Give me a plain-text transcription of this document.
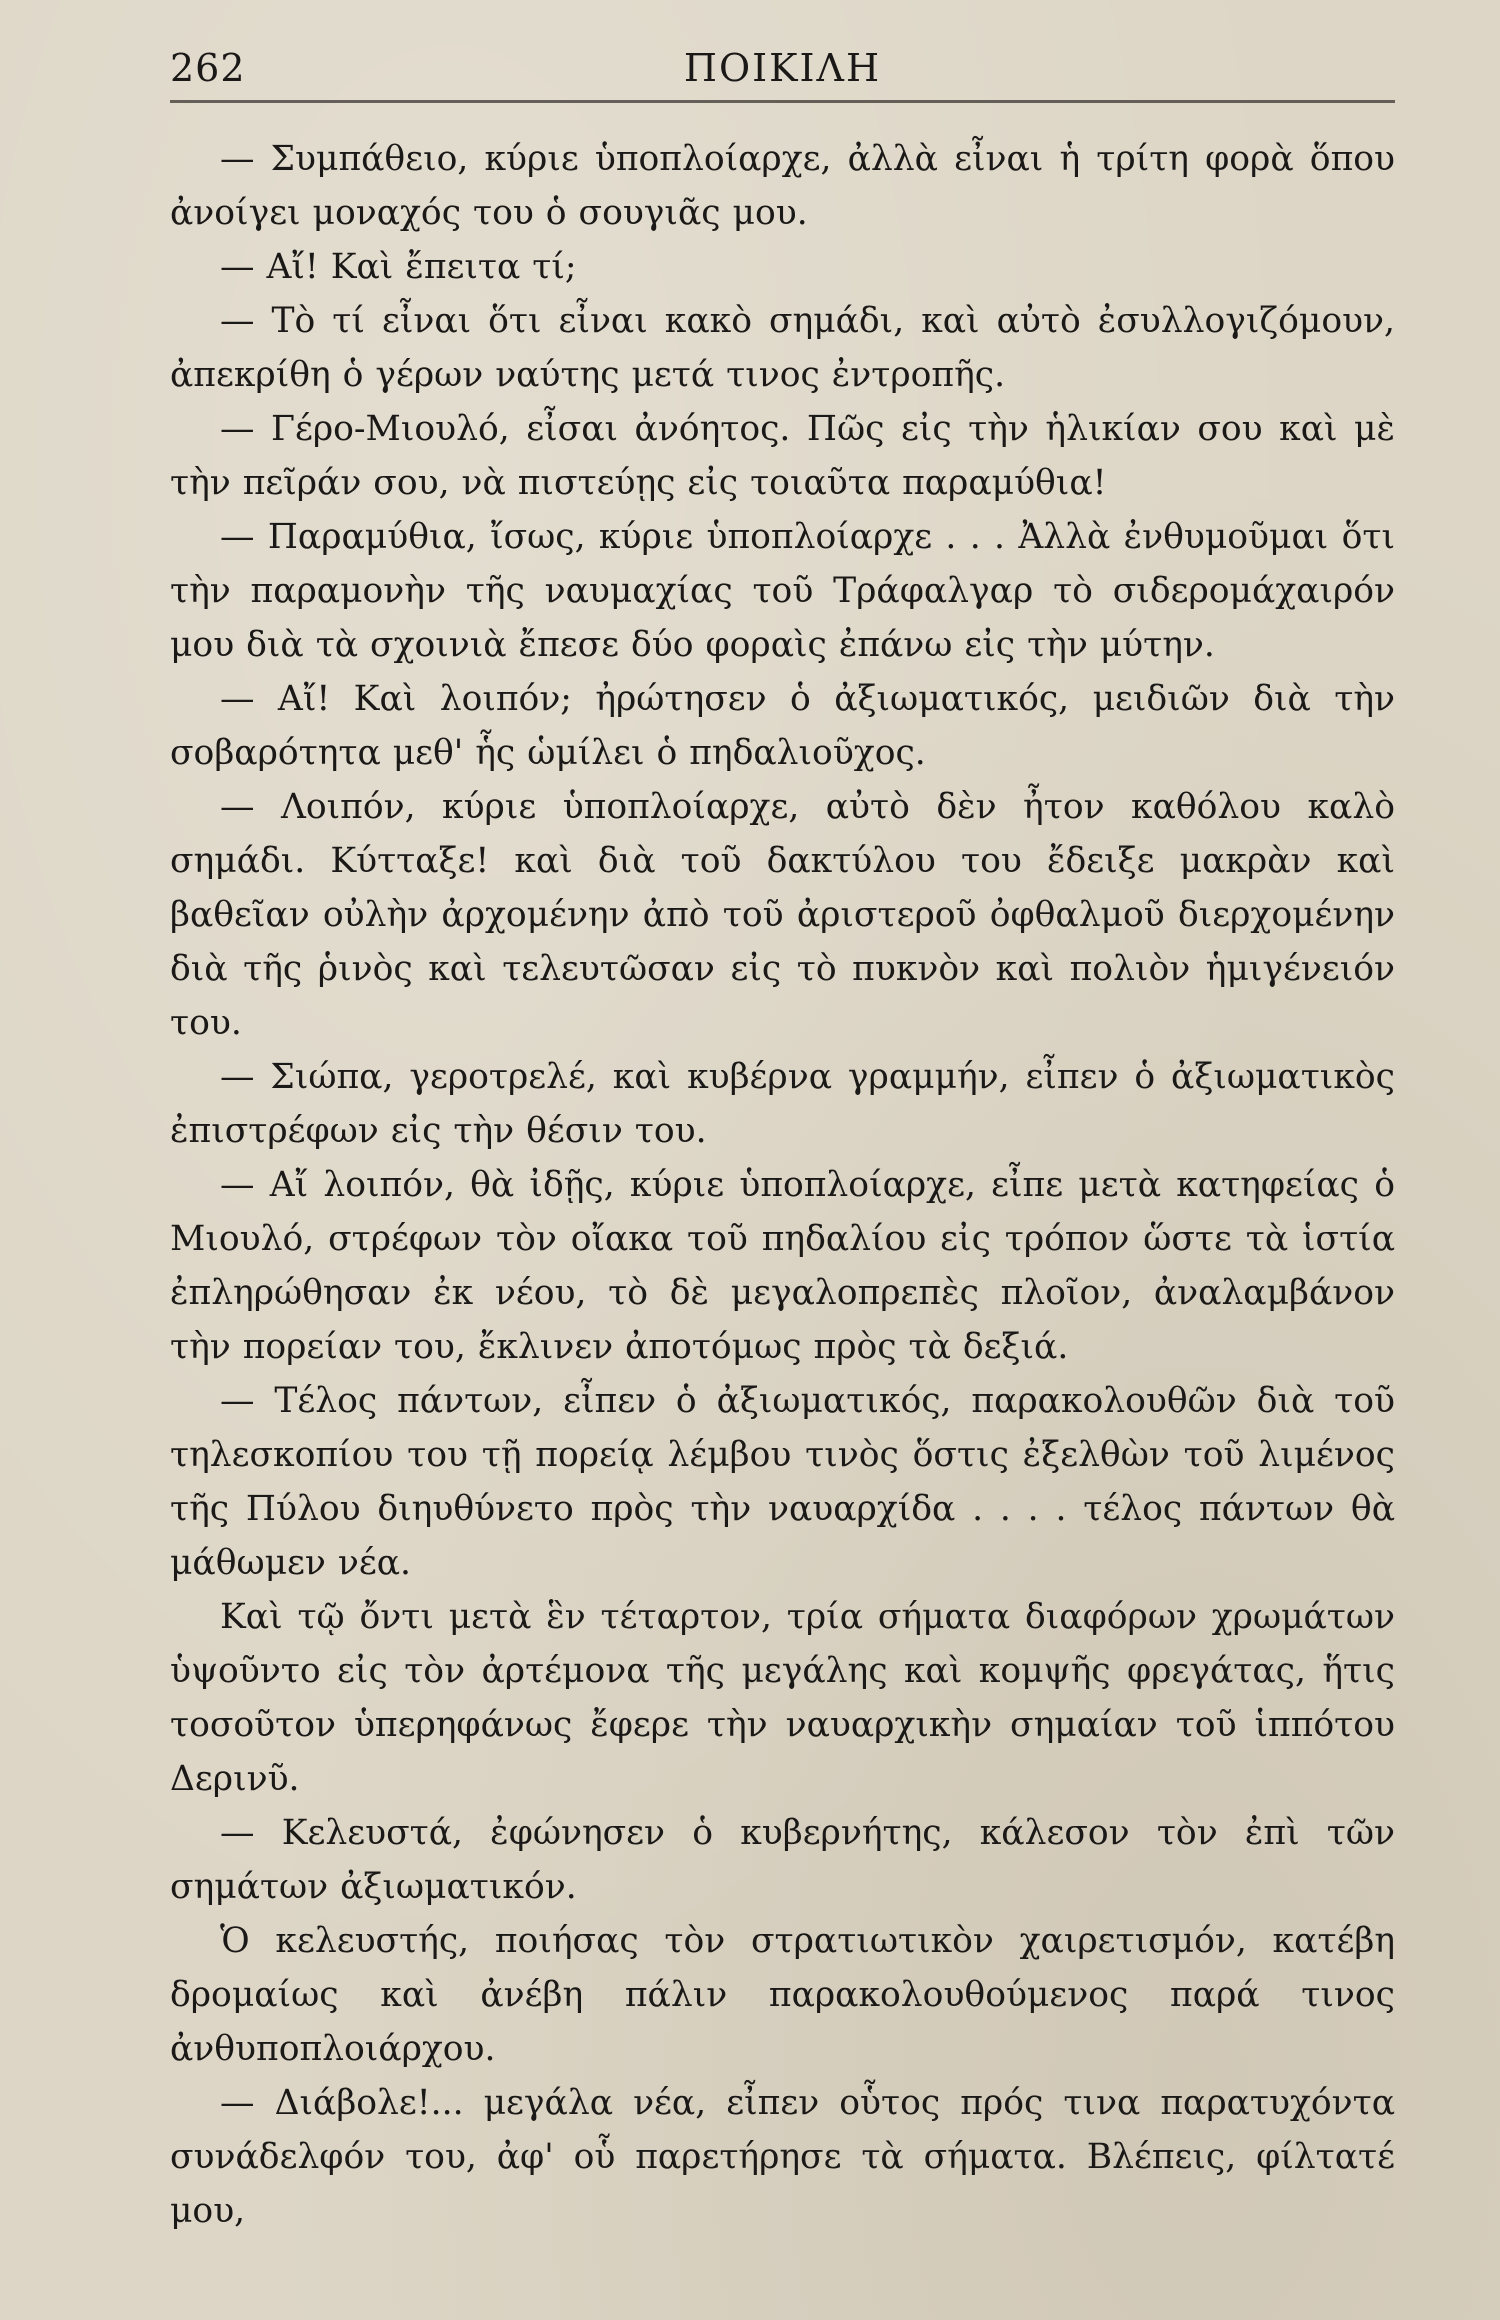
262	ΠΟΙΚΙΛΗ

— Συμπάθειο, κύριε ὑποπλοίαρχε, ἀλλὰ εἶναι ἡ τρίτη φορὰ ὅπου ἀνοίγει μοναχός του ὁ σουγιᾶς μου.

— Αἴ! Καὶ ἔπειτα τί;

— Τὸ τί εἶναι ὅτι εἶναι κακὸ σημάδι, καὶ αὐτὸ ἐσυλλογιζόμουν, ἀπεκρίθη ὁ γέρων ναύτης μετά τινος ἐντροπῆς.

— Γέρο-Μιουλό, εἶσαι ἀνόητος. Πῶς εἰς τὴν ἡλικίαν σου καὶ μὲ τὴν πεῖράν σου, νὰ πιστεύῃς εἰς τοιαῦτα παραμύθια!

— Παραμύθια, ἴσως, κύριε ὑποπλοίαρχε . . . Ἀλλὰ ἐνθυμοῦμαι ὅτι τὴν παραμονὴν τῆς ναυμαχίας τοῦ Τράφαλγαρ τὸ σιδερομάχαιρόν μου διὰ τὰ σχοινιὰ ἔπεσε δύο φοραὶς ἐπάνω εἰς τὴν μύτην.

— Αἴ! Καὶ λοιπόν; ἠρώτησεν ὁ ἀξιωματικός, μειδιῶν διὰ τὴν σοβαρότητα μεθ' ἧς ὡμίλει ὁ πηδαλιοῦχος.

— Λοιπόν, κύριε ὑποπλοίαρχε, αὐτὸ δὲν ἦτον καθόλου καλὸ σημάδι. Κύτταξε! καὶ διὰ τοῦ δακτύλου του ἔδειξε μακρὰν καὶ βαθεῖαν οὐλὴν ἀρχομένην ἀπὸ τοῦ ἀριστεροῦ ὀφθαλμοῦ διερχομένην διὰ τῆς ῥινὸς καὶ τελευτῶσαν εἰς τὸ πυκνὸν καὶ πολιὸν ἡμιγένειόν του.

— Σιώπα, γεροτρελέ, καὶ κυβέρνα γραμμήν, εἶπεν ὁ ἀξιωματικὸς ἐπιστρέφων εἰς τὴν θέσιν του.

— Αἴ λοιπόν, θὰ ἰδῇς, κύριε ὑποπλοίαρχε, εἶπε μετὰ κατηφείας ὁ Μιουλό, στρέφων τὸν οἴακα τοῦ πηδαλίου εἰς τρόπον ὥστε τὰ ἱστία ἐπληρώθησαν ἐκ νέου, τὸ δὲ μεγαλοπρεπὲς πλοῖον, ἀναλαμβάνον τὴν πορείαν του, ἔκλινεν ἀποτόμως πρὸς τὰ δεξιά.

— Τέλος πάντων, εἶπεν ὁ ἀξιωματικός, παρακολουθῶν διὰ τοῦ τηλεσκοπίου του τῇ πορείᾳ λέμβου τινὸς ὅστις ἐξελθὼν τοῦ λιμένος τῆς Πύλου διηυθύνετο πρὸς τὴν ναυαρχίδα . . . . τέλος πάντων θὰ μάθωμεν νέα.

Καὶ τῷ ὄντι μετὰ ἓν τέταρτον, τρία σήματα διαφόρων χρωμάτων ὑψοῦντο εἰς τὸν ἀρτέμονα τῆς μεγάλης καὶ κομψῆς φρεγάτας, ἥτις τοσοῦτον ὑπερηφάνως ἔφερε τὴν ναυαρχικὴν σημαίαν τοῦ ἱππότου Δερινῦ.

— Κελευστά, ἐφώνησεν ὁ κυβερνήτης, κάλεσον τὸν ἐπὶ τῶν σημάτων ἀξιωματικόν.

Ὁ κελευστής, ποιήσας τὸν στρατιωτικὸν χαιρετισμόν, κατέβη δρομαίως καὶ ἀνέβη πάλιν παρακολουθούμενος παρά τινος ἀνθυποπλοιάρχου.

— Διάβολε!... μεγάλα νέα, εἶπεν οὗτος πρός τινα παρατυχόντα συνάδελφόν του, ἀφ' οὗ παρετήρησε τὰ σήματα. Βλέπεις, φίλτατέ μου,
